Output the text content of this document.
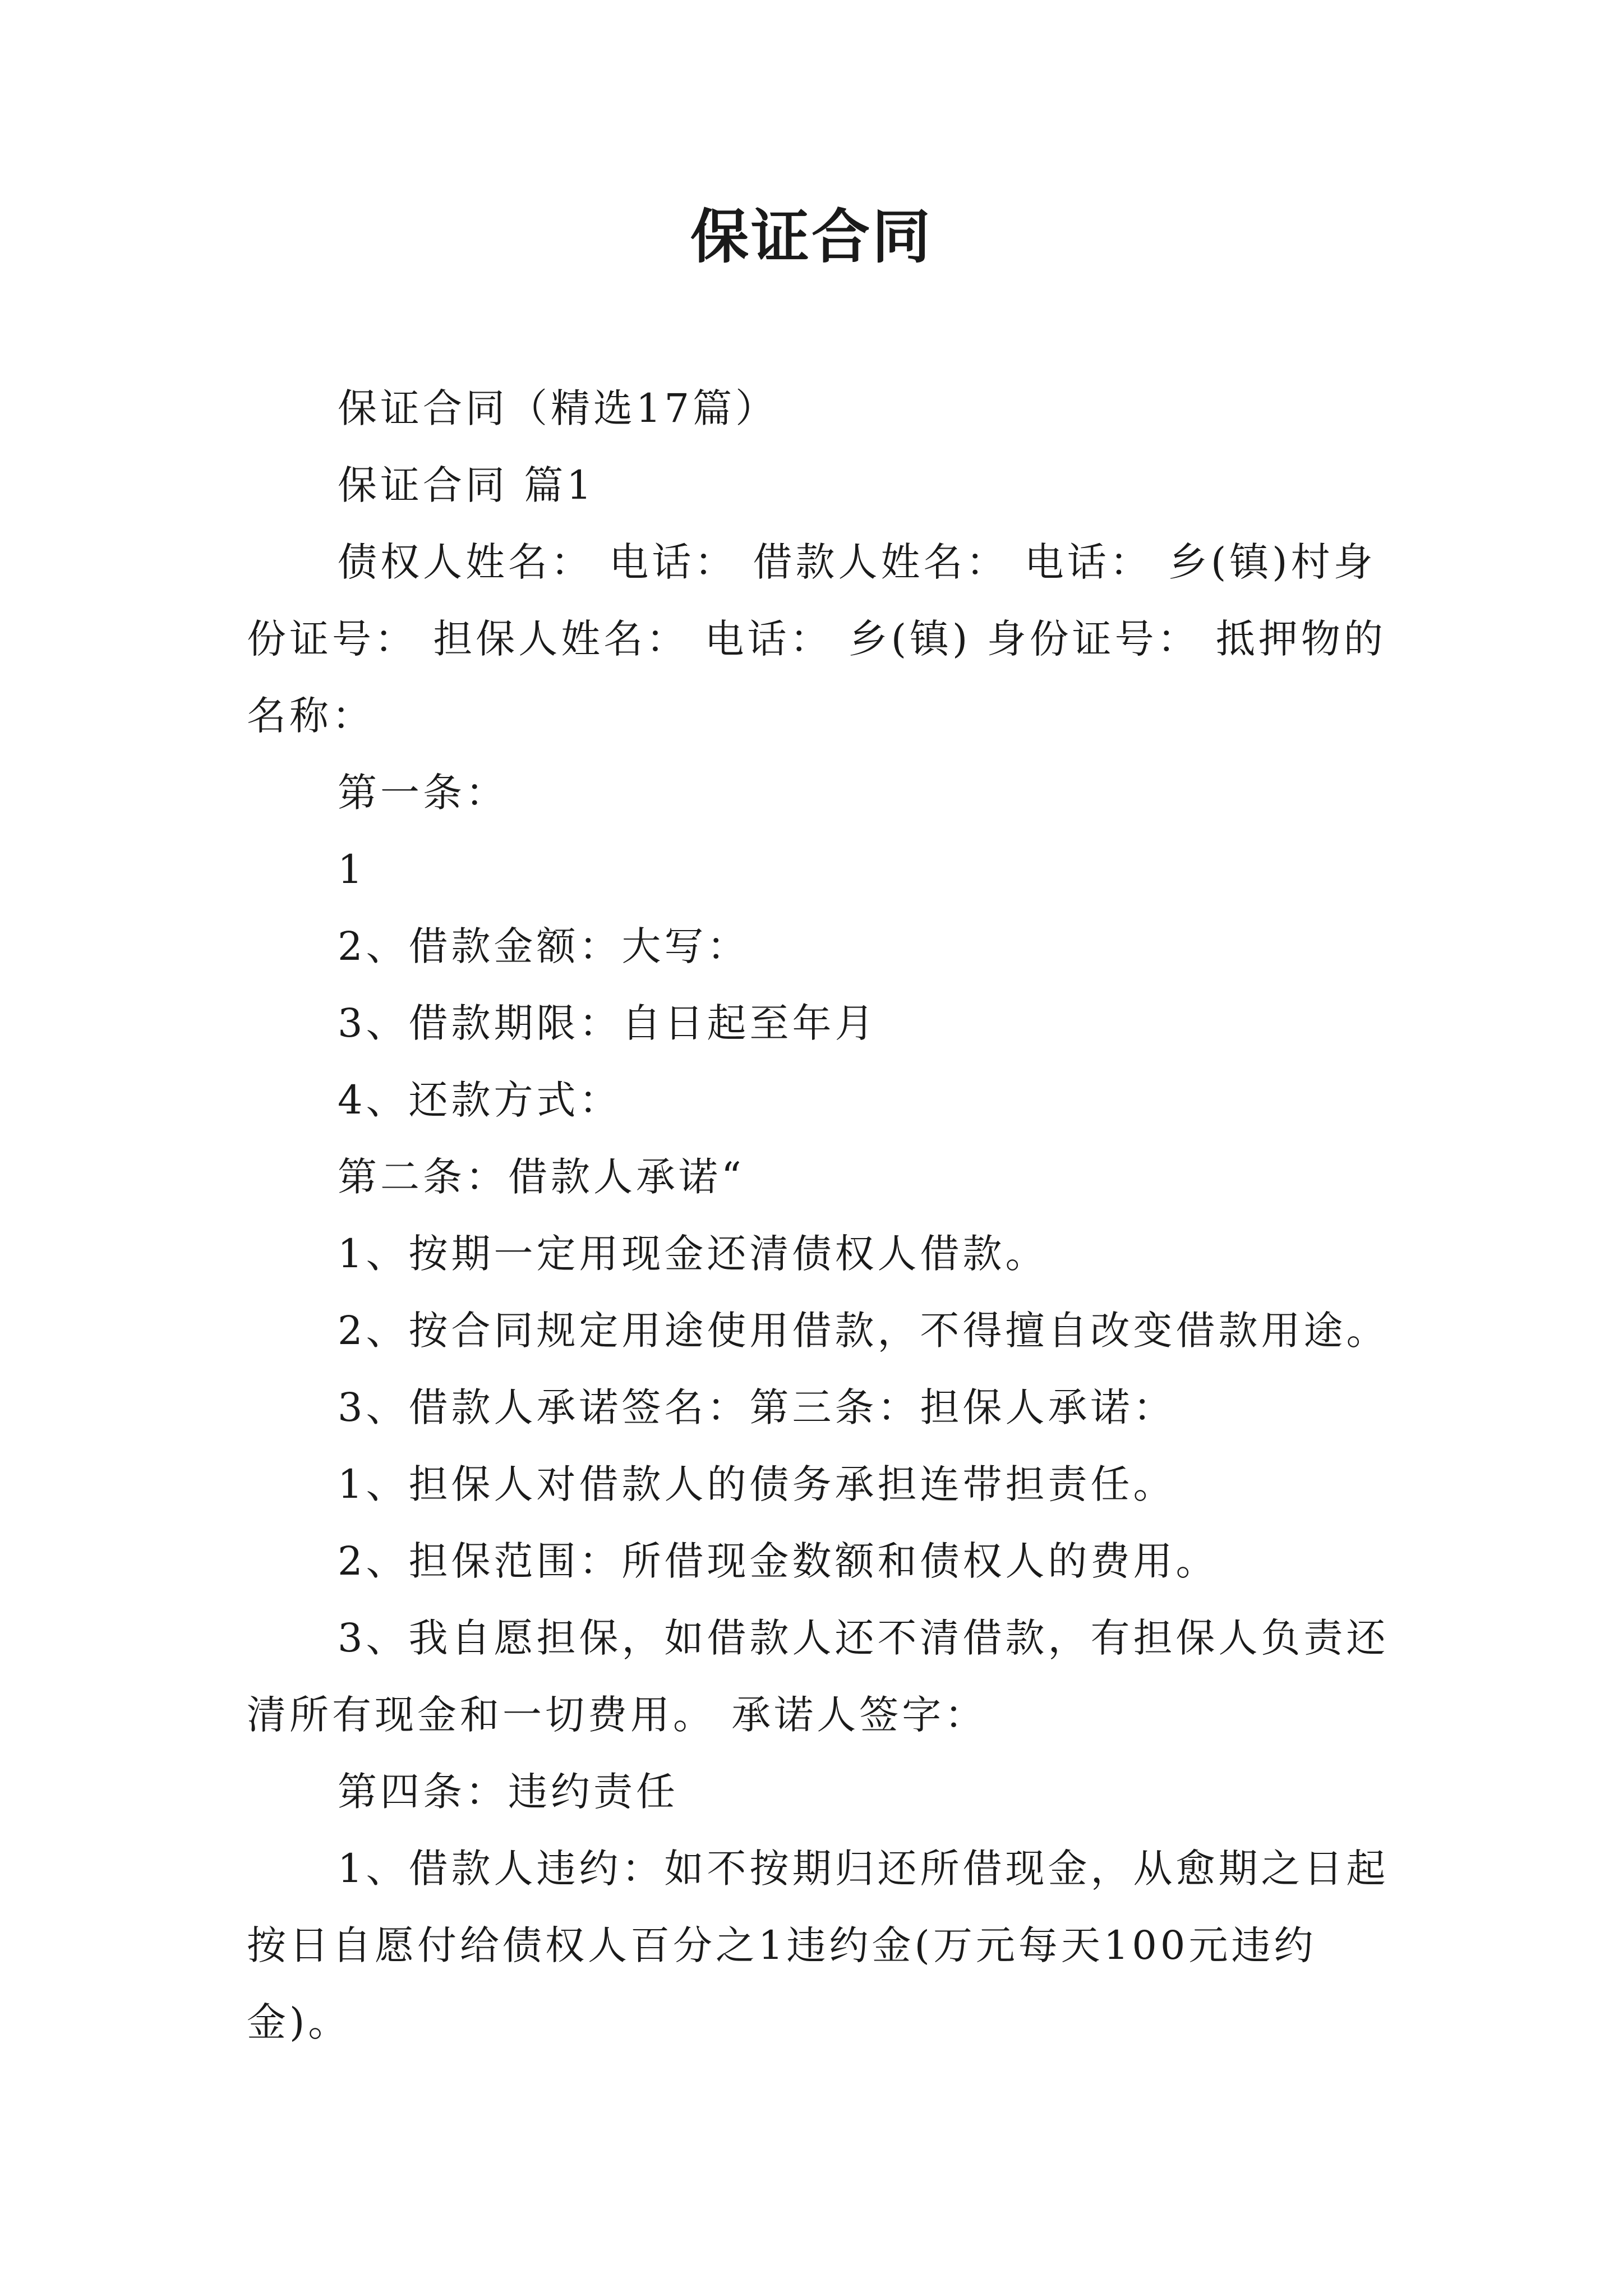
保证合同

保证合同（精选17篇）

保证合同 篇1

债权人姓名： 电话： 借款人姓名： 电话： 乡(镇)村身份证号： 担保人姓名： 电话： 乡(镇) 身份证号： 抵押物的名称：

第一条：

1

2、借款金额：大写：

3、借款期限：自日起至年月

4、还款方式：

第二条：借款人承诺“

1、按期一定用现金还清债权人借款。

2、按合同规定用途使用借款，不得擅自改变借款用途。

3、借款人承诺签名：第三条：担保人承诺：

1、担保人对借款人的债务承担连带担责任。

2、担保范围：所借现金数额和债权人的费用。

3、我自愿担保，如借款人还不清借款，有担保人负责还清所有现金和一切费用。 承诺人签字：

第四条：违约责任

1、借款人违约：如不按期归还所借现金，从愈期之日起按日自愿付给债权人百分之1违约金(万元每天100元违约金)。
